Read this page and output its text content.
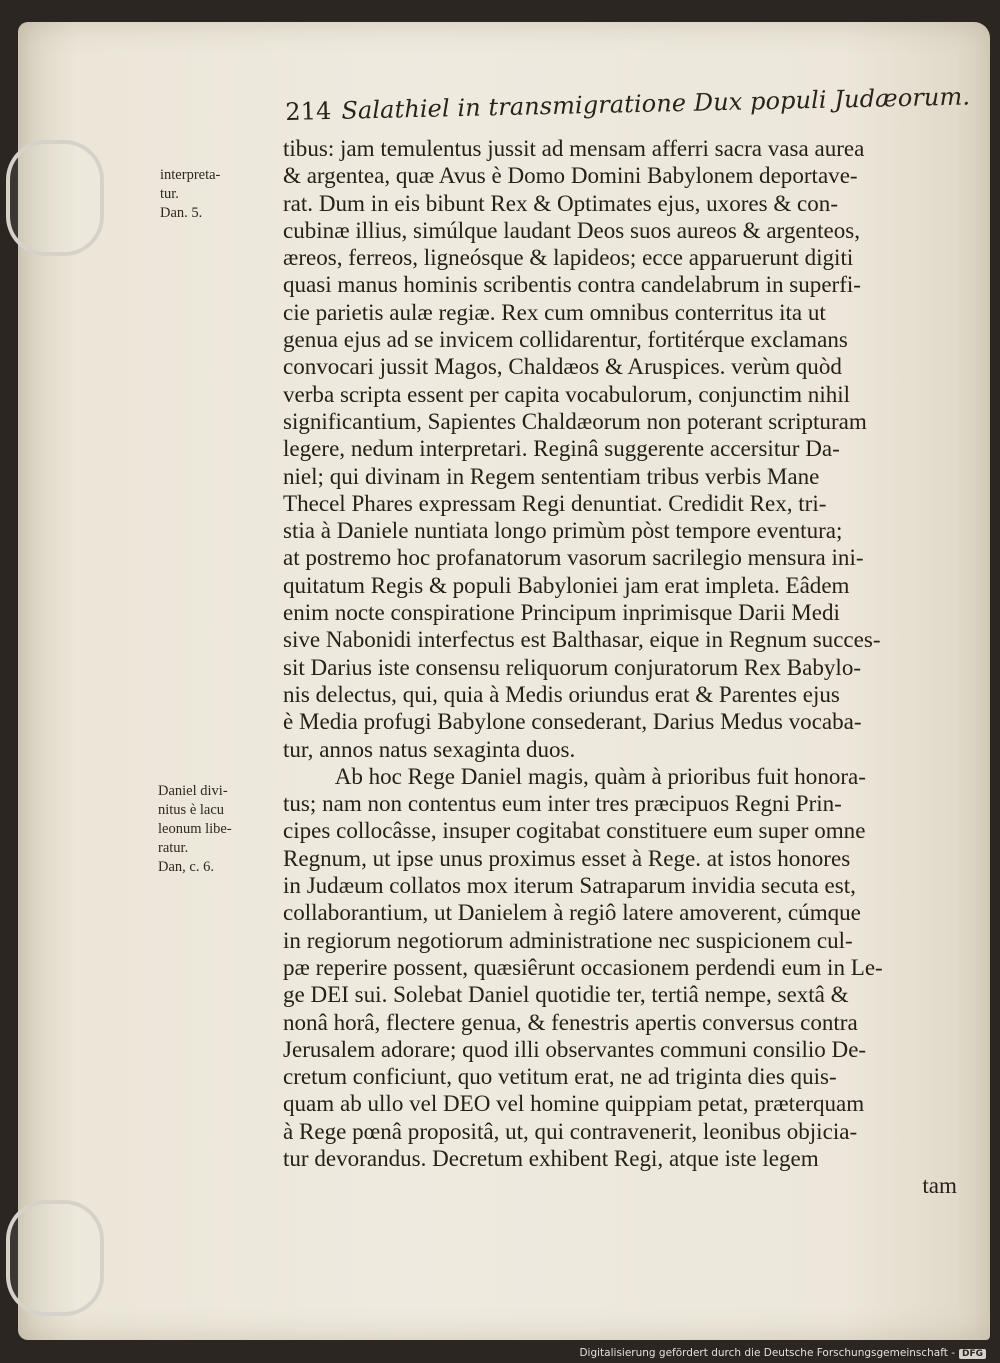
214 Salathiel in transmigratione Dux populi Judæorum.
interpreta-
tur.
Dan. 5.
Daniel divi-
nitus è lacu
leonum libe-
ratur.
Dan, c. 6.
tibus: jam temulentus jussit ad mensam afferri sacra vasa aurea
& argentea, quæ Avus è Domo Domini Babylonem deportave-
rat. Dum in eis bibunt Rex & Optimates ejus, uxores & con-
cubinæ illius, simúlque laudant Deos suos aureos & argenteos,
æreos, ferreos, ligneósque & lapideos; ecce apparuerunt digiti
quasi manus hominis scribentis contra candelabrum in superfi-
cie parietis aulæ regiæ. Rex cum omnibus conterritus ita ut
genua ejus ad se invicem collidarentur, fortitérque exclamans
convocari jussit Magos, Chaldæos & Aruspices. verùm quòd
verba scripta essent per capita vocabulorum, conjunctim nihil
significantium, Sapientes Chaldæorum non poterant scripturam
legere, nedum interpretari. Reginâ suggerente accersitur Da-
niel; qui divinam in Regem sententiam tribus verbis Mane
Thecel Phares expressam Regi denuntiat. Credidit Rex, tri-
stia à Daniele nuntiata longo primùm pòst tempore eventura;
at postremo hoc profanatorum vasorum sacrilegio mensura ini-
quitatum Regis & populi Babyloniei jam erat impleta. Eâdem
enim nocte conspiratione Principum inprimisque Darii Medi
sive Nabonidi interfectus est Balthasar, eique in Regnum succes-
sit Darius iste consensu reliquorum conjuratorum Rex Babylo-
nis delectus, qui, quia à Medis oriundus erat & Parentes ejus
è Media profugi Babylone consederant, Darius Medus vocaba-
tur, annos natus sexaginta duos.
Ab hoc Rege Daniel magis, quàm à prioribus fuit honora-
tus; nam non contentus eum inter tres præcipuos Regni Prin-
cipes collocâsse, insuper cogitabat constituere eum super omne
Regnum, ut ipse unus proximus esset à Rege. at istos honores
in Judæum collatos mox iterum Satraparum invidia secuta est,
collaborantium, ut Danielem à regiô latere amoverent, cúmque
in regiorum negotiorum administratione nec suspicionem cul-
pæ reperire possent, quæsiêrunt occasionem perdendi eum in Le-
ge DEI sui. Solebat Daniel quotidie ter, tertiâ nempe, sextâ &
nonâ horâ, flectere genua, & fenestris apertis conversus contra
Jerusalem adorare; quod illi observantes communi consilio De-
cretum conficiunt, quo vetitum erat, ne ad triginta dies quis-
quam ab ullo vel DEO vel homine quippiam petat, præterquam
à Rege pœnâ propositâ, ut, qui contravenerit, leonibus objicia-
tur devorandus. Decretum exhibent Regi, atque iste legem
tam
Digitalisierung gefördert durch die Deutsche Forschungsgemeinschaft - DFG
